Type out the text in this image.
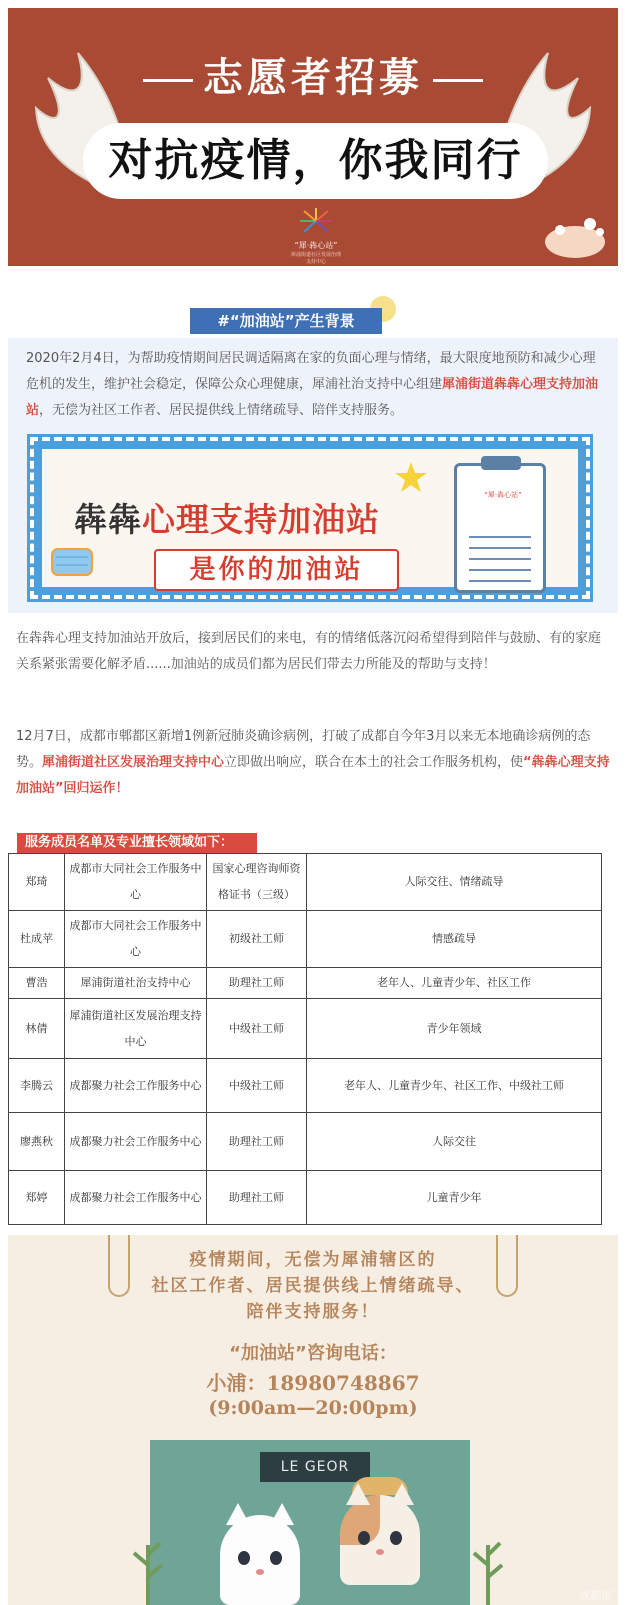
志愿者招募
对抗疫情，你我同行
“犀·犇心站”
犀浦街道社区发展治理支持中心
#“加油站”产生背景

2020年2月4日，为帮助疫情期间居民调适隔离在家的负面心理与情绪，最大限度地预防和减少心理危机的发生，维护社会稳定，保障公众心理健康，犀浦社治支持中心组建犀浦街道犇犇心理支持加油站，无偿为社区工作者、居民提供线上情绪疏导、陪伴支持服务。

犇犇心理支持加油站
是你的加油站
“犀·犇心站”

在犇犇心理支持加油站开放后，接到居民们的来电，有的情绪低落沉闷希望得到陪伴与鼓励、有的家庭关系紧张需要化解矛盾......加油站的成员们都为居民们带去力所能及的帮助与支持！

12月7日，成都市郫都区新增1例新冠肺炎确诊病例，打破了成都自今年3月以来无本地确诊病例的态势。犀浦街道社区发展治理支持中心立即做出响应，联合在本土的社会工作服务机构，使“犇犇心理支持加油站”回归运作！

服务成员名单及专业擅长领域如下：
郑琦	成都市大同社会工作服务中心	国家心理咨询师资格证书（三级）	人际交往、情绪疏导
杜成苹	成都市大同社会工作服务中心	初级社工师	情感疏导
曹浩	犀浦街道社治支持中心	助理社工师	老年人、儿童青少年、社区工作
林倩	犀浦街道社区发展治理支持中心	中级社工师	青少年领域
李腾云	成都聚力社会工作服务中心	中级社工师	老年人、儿童青少年、社区工作、中级社工师
廖燕秋	成都聚力社会工作服务中心	助理社工师	人际交往
郑婷	成都聚力社会工作服务中心	助理社工师	儿童青少年
疫情期间，无偿为犀浦辖区的
社区工作者、居民提供线上情绪疏导、
陪伴支持服务！
“加油站”咨询电话：
小浦：18980748867
(9:00am—20:00pm)
LE GEOR
成都市
